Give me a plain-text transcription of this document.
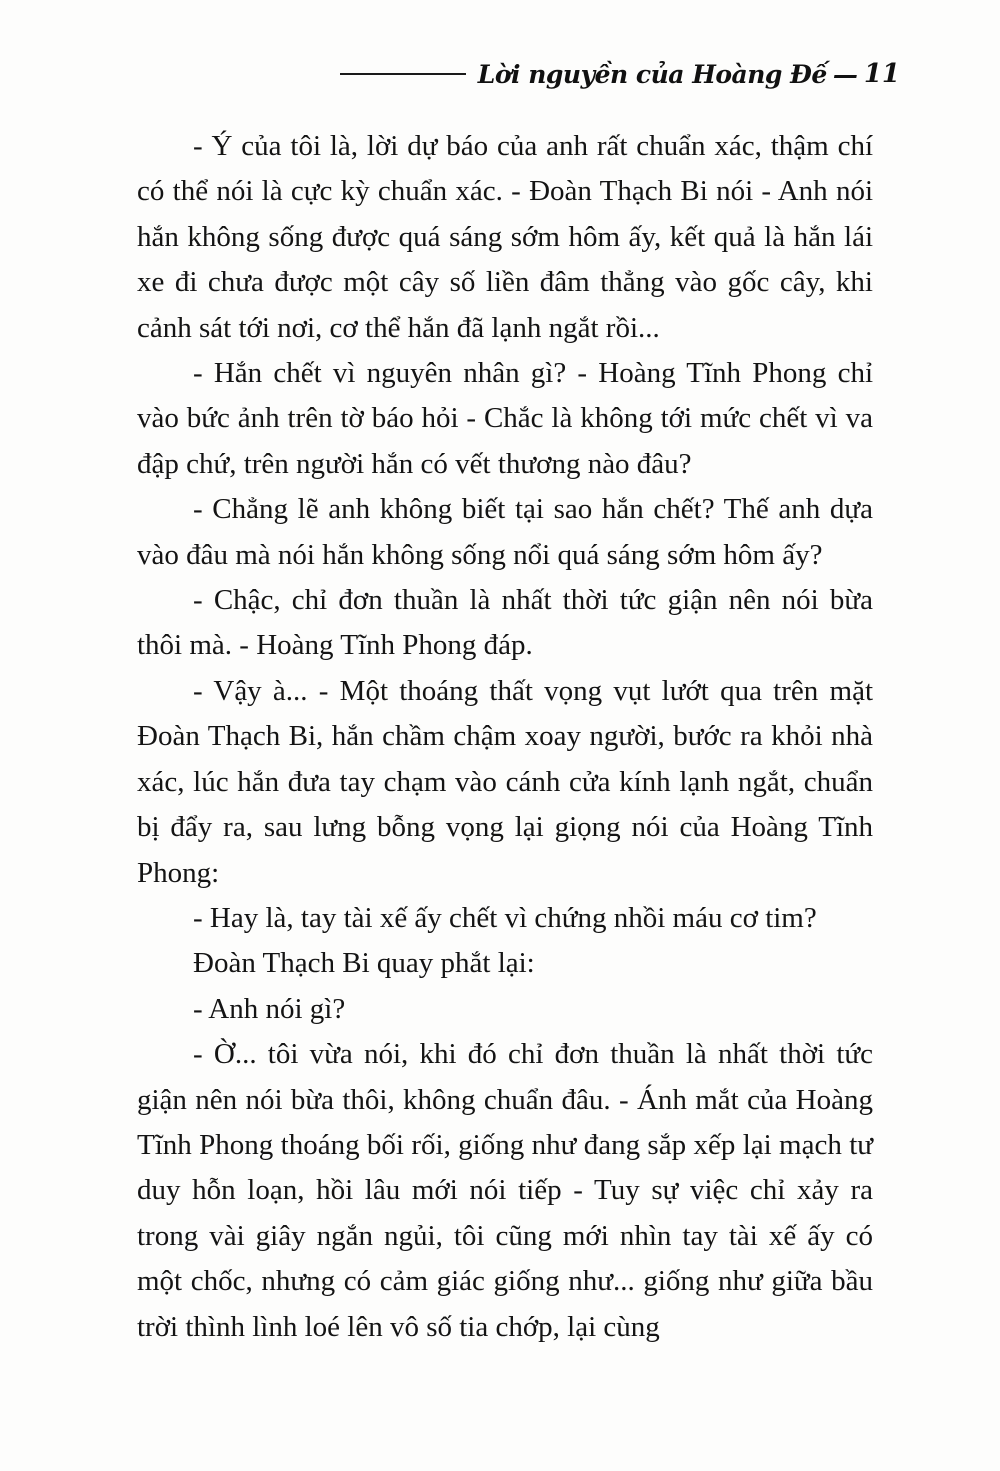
Lời nguyền của Hoàng Đế — 11

- Ý của tôi là, lời dự báo của anh rất chuẩn xác, thậm chí có thể nói là cực kỳ chuẩn xác. - Đoàn Thạch Bi nói - Anh nói hắn không sống được quá sáng sớm hôm ấy, kết quả là hắn lái xe đi chưa được một cây số liền đâm thẳng vào gốc cây, khi cảnh sát tới nơi, cơ thể hắn đã lạnh ngắt rồi...

- Hắn chết vì nguyên nhân gì? - Hoàng Tĩnh Phong chỉ vào bức ảnh trên tờ báo hỏi - Chắc là không tới mức chết vì va đập chứ, trên người hắn có vết thương nào đâu?

- Chẳng lẽ anh không biết tại sao hắn chết? Thế anh dựa vào đâu mà nói hắn không sống nổi quá sáng sớm hôm ấy?

- Chậc, chỉ đơn thuần là nhất thời tức giận nên nói bừa thôi mà. - Hoàng Tĩnh Phong đáp.

- Vậy à... - Một thoáng thất vọng vụt lướt qua trên mặt Đoàn Thạch Bi, hắn chầm chậm xoay người, bước ra khỏi nhà xác, lúc hắn đưa tay chạm vào cánh cửa kính lạnh ngắt, chuẩn bị đẩy ra, sau lưng bỗng vọng lại giọng nói của Hoàng Tĩnh Phong:

- Hay là, tay tài xế ấy chết vì chứng nhồi máu cơ tim?

Đoàn Thạch Bi quay phắt lại:

- Anh nói gì?

- Ờ... tôi vừa nói, khi đó chỉ đơn thuần là nhất thời tức giận nên nói bừa thôi, không chuẩn đâu. - Ánh mắt của Hoàng Tĩnh Phong thoáng bối rối, giống như đang sắp xếp lại mạch tư duy hỗn loạn, hồi lâu mới nói tiếp - Tuy sự việc chỉ xảy ra trong vài giây ngắn ngủi, tôi cũng mới nhìn tay tài xế ấy có một chốc, nhưng có cảm giác giống như... giống như giữa bầu trời thình lình loé lên vô số tia chớp, lại cùng
